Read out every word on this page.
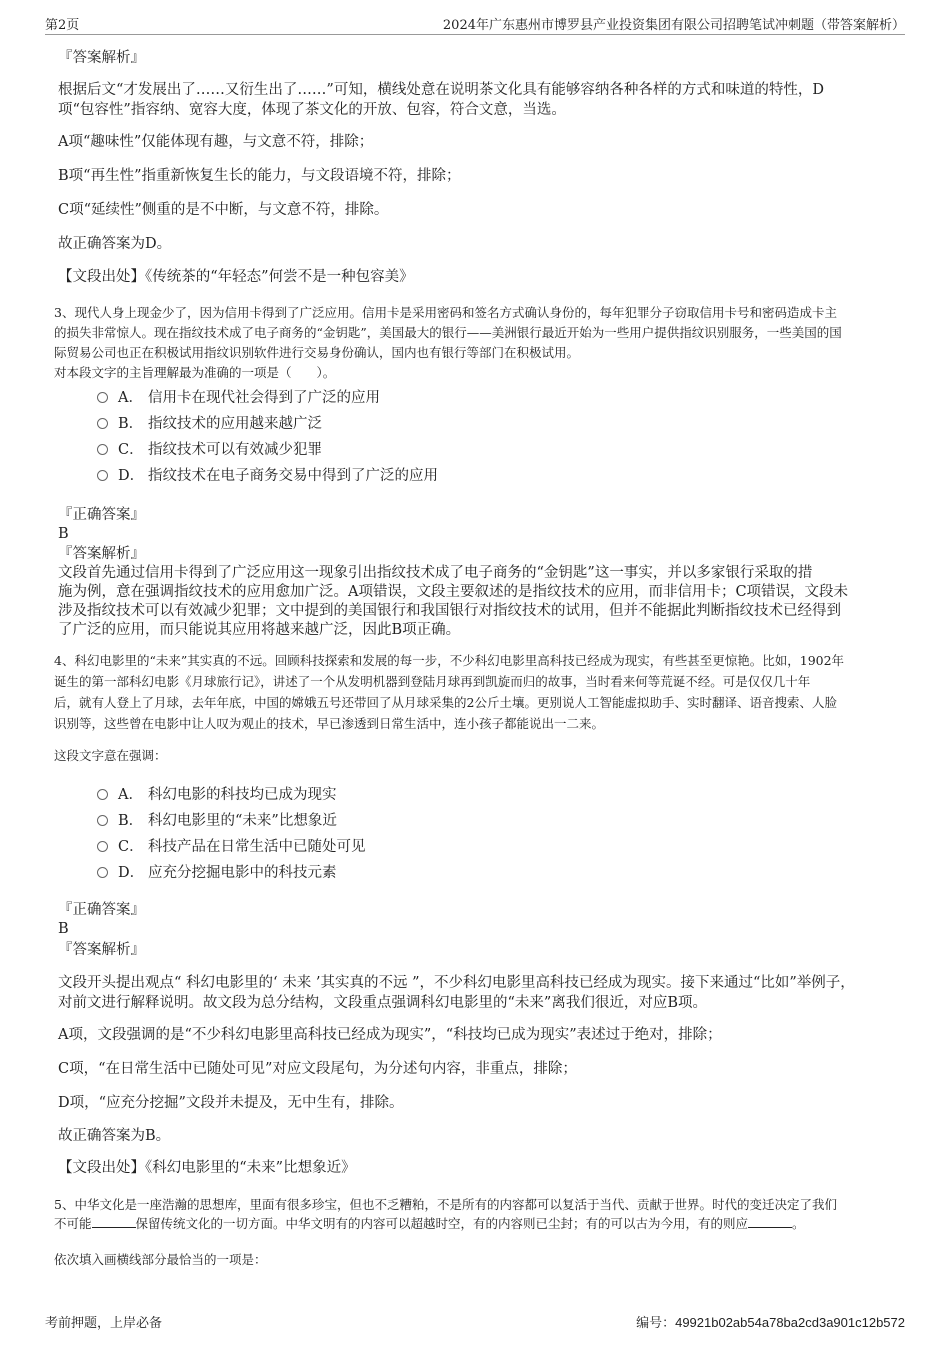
第2页	2024年广东惠州市博罗县产业投资集团有限公司招聘笔试冲刺题（带答案解析）
『答案解析』
根据后文“才发展出了……又衍生出了……”可知，横线处意在说明茶文化具有能够容纳各种各样的方式和味道的特性，D
项“包容性”指容纳、宽容大度，体现了茶文化的开放、包容，符合文意，当选。
A项“趣味性”仅能体现有趣，与文意不符，排除；
B项“再生性”指重新恢复生长的能力，与文段语境不符，排除；
C项“延续性”侧重的是不中断，与文意不符，排除。
故正确答案为D。
【文段出处】《传统茶的“年轻态”何尝不是一种包容美》
3、现代人身上现金少了，因为信用卡得到了广泛应用。信用卡是采用密码和签名方式确认身份的，每年犯罪分子窃取信用卡号和密码造成卡主
的损失非常惊人。现在指纹技术成了电子商务的“金钥匙”，美国最大的银行——美洲银行最近开始为一些用户提供指纹识别服务，一些美国的国
际贸易公司也正在积极试用指纹识别软件进行交易身份确认，国内也有银行等部门在积极试用。
对本段文字的主旨理解最为准确的一项是（　　）。
A． 信用卡在现代社会得到了广泛的应用
B． 指纹技术的应用越来越广泛
C． 指纹技术可以有效减少犯罪
D． 指纹技术在电子商务交易中得到了广泛的应用
『正确答案』
B
『答案解析』
文段首先通过信用卡得到了广泛应用这一现象引出指纹技术成了电子商务的“金钥匙”这一事实，并以多家银行采取的措
施为例，意在强调指纹技术的应用愈加广泛。A项错误，文段主要叙述的是指纹技术的应用，而非信用卡；C项错误，文段未
涉及指纹技术可以有效减少犯罪；文中提到的美国银行和我国银行对指纹技术的试用，但并不能据此判断指纹技术已经得到
了广泛的应用，而只能说其应用将越来越广泛，因此B项正确。
4、科幻电影里的“未来”其实真的不远。回顾科技探索和发展的每一步，不少科幻电影里高科技已经成为现实，有些甚至更惊艳。比如，1902年
诞生的第一部科幻电影《月球旅行记》，讲述了一个从发明机器到登陆月球再到凯旋而归的故事，当时看来何等荒诞不经。可是仅仅几十年
后，就有人登上了月球，去年年底，中国的嫦娥五号还带回了从月球采集的2公斤土壤。更别说人工智能虚拟助手、实时翻译、语音搜索、人脸
识别等，这些曾在电影中让人叹为观止的技术，早已渗透到日常生活中，连小孩子都能说出一二来。
这段文字意在强调：
A． 科幻电影的科技均已成为现实
B． 科幻电影里的“未来”比想象近
C． 科技产品在日常生活中已随处可见
D． 应充分挖掘电影中的科技元素
『正确答案』
B
『答案解析』
文段开头提出观点“ 科幻电影里的‘ 未来 ’其实真的不远 ”，不少科幻电影里高科技已经成为现实。接下来通过“比如”举例子，
对前文进行解释说明。故文段为总分结构，文段重点强调科幻电影里的“未来”离我们很近，对应B项。
A项，文段强调的是“不少科幻电影里高科技已经成为现实”，“科技均已成为现实”表述过于绝对，排除；
C项，“在日常生活中已随处可见”对应文段尾句，为分述句内容，非重点，排除；
D项，“应充分挖掘”文段并未提及，无中生有，排除。
故正确答案为B。
【文段出处】《科幻电影里的“未来”比想象近》
5、中华文化是一座浩瀚的思想库，里面有很多珍宝，但也不乏糟粕，不是所有的内容都可以复活于当代、贡献于世界。时代的变迁决定了我们
不可能	保留传统文化的一切方面。中华文明有的内容可以超越时空，有的内容则已尘封；有的可以古为今用，有的则应	。
依次填入画横线部分最恰当的一项是：
考前押题，上岸必备	编号：49921b02ab54a78ba2cd3a901c12b572
